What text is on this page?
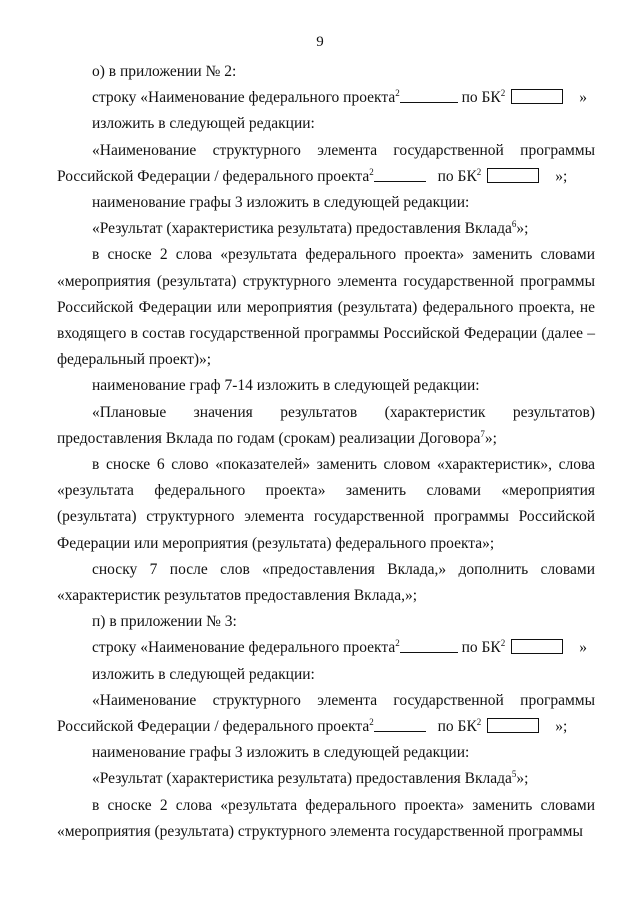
9

о) в приложении № 2:

строку «Наименование федерального проекта$^2$	по $БК^2$	»

изложить в следующей редакции:

«Наименование структурного элемента государственной программы
Российской Федерации / федерального проекта$^2$	по $БК^2$	»;

наименование графы 3 изложить в следующей редакции:

«Результат (характеристика результата) предоставления Вклада$^6$»;

в сноске 2 слова «результата федерального проекта» заменить словами «мероприятия (результата) структурного элемента государственной программы Российской Федерации или мероприятия (результата) федерального проекта, не входящего в состав государственной программы Российской Федерации (далее – федеральный проект)»;

наименование граф 7-14 изложить в следующей редакции:

«Плановые значения результатов (характеристик результатов) предоставления Вклада по годам (срокам) реализации Договора$^7$»;

в сноске 6 слово «показателей» заменить словом «характеристик», слова «результата федерального проекта» заменить словами «мероприятия (результата) структурного элемента государственной программы Российской Федерации или мероприятия (результата) федерального проекта»;

сноску 7 после слов «предоставления Вклада,» дополнить словами «характеристик результатов предоставления Вклада,»;

п) в приложении № 3:

строку «Наименование федерального проекта$^2$	по $БК^2$	»

изложить в следующей редакции:

«Наименование структурного элемента государственной программы
Российской Федерации / федерального проекта$^2$	по $БК^2$	»;

наименование графы 3 изложить в следующей редакции:

«Результат (характеристика результата) предоставления Вклада$^5$»;

в сноске 2 слова «результата федерального проекта» заменить словами «мероприятия (результата) структурного элемента государственной программы
